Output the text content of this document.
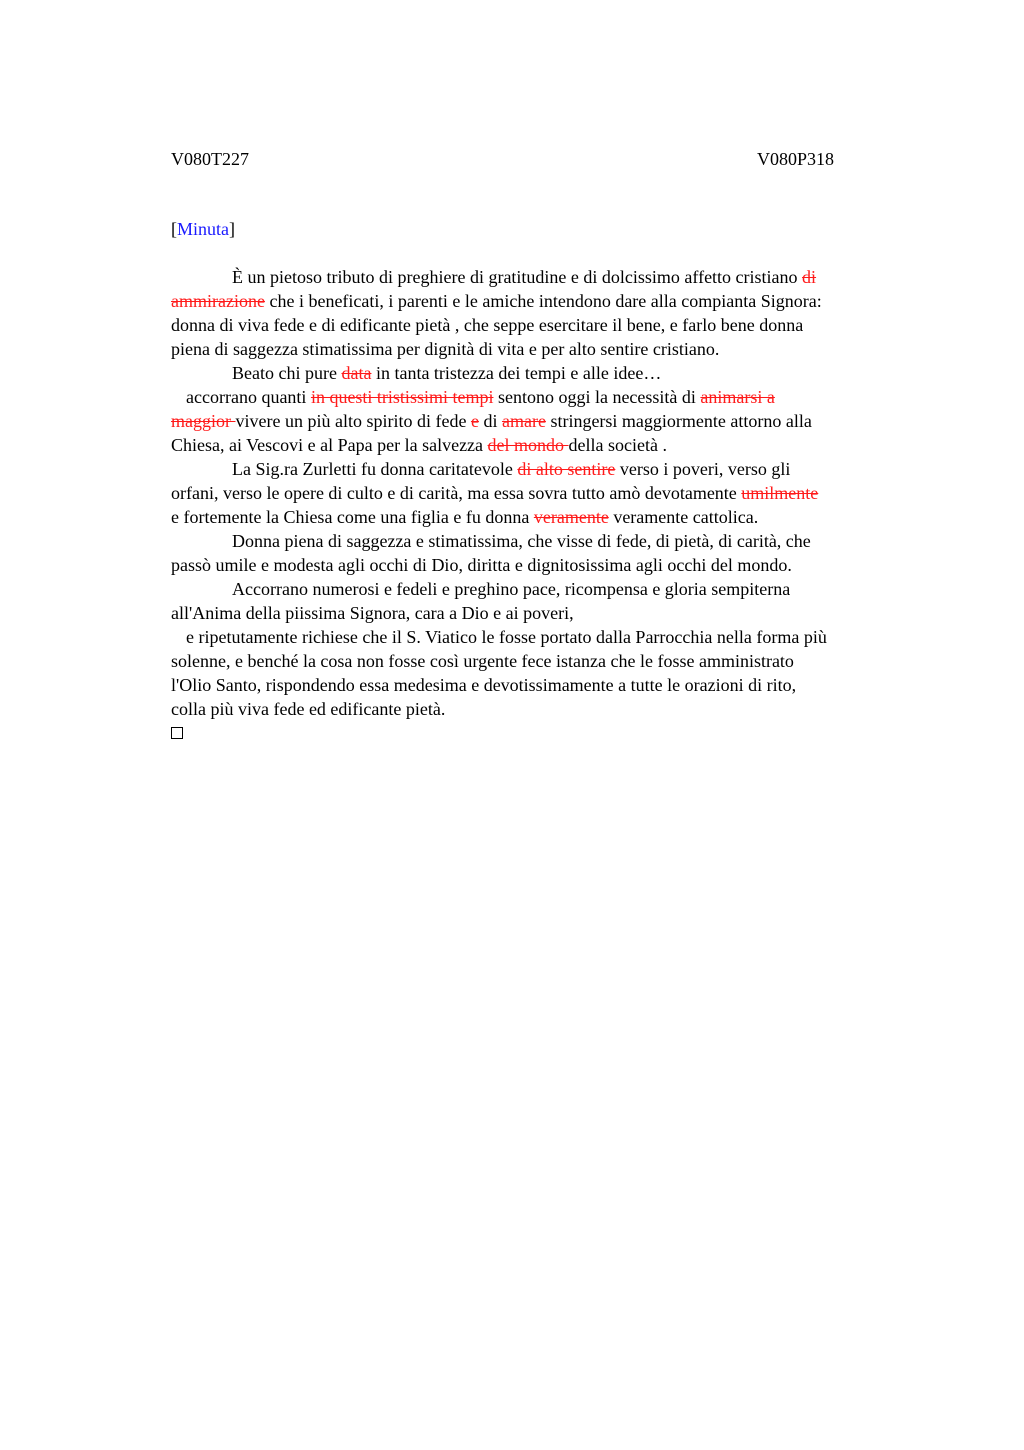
V080T227	V080P318
[Minuta]
È un pietoso tributo di preghiere di gratitudine e di dolcissimo affetto cristiano di
ammirazione che i beneficati, i parenti e le amiche intendono dare alla compianta Signora:
donna di viva fede e di edificante pietà , che seppe esercitare il bene, e farlo bene donna
piena di saggezza stimatissima per dignità di vita e per alto sentire cristiano.
Beato chi pure data in tanta tristezza dei tempi e alle idee…
accorrano quanti in questi tristissimi tempi sentono oggi la necessità di animarsi a
maggior vivere un più alto spirito di fede e di amare stringersi maggiormente attorno alla
Chiesa, ai Vescovi e al Papa per la salvezza del mondo della società .
La Sig.ra Zurletti fu donna caritatevole di alto sentire verso i poveri, verso gli
orfani, verso le opere di culto e di carità, ma essa sovra tutto amò devotamente umilmente
e fortemente la Chiesa come una figlia e fu donna veramente veramente cattolica.
Donna piena di saggezza e stimatissima, che visse di fede, di pietà, di carità, che
passò umile e modesta agli occhi di Dio, diritta e dignitosissima agli occhi del mondo.
Accorrano numerosi e fedeli e preghino pace, ricompensa e gloria sempiterna
all'Anima della piissima Signora, cara a Dio e ai poveri,
e ripetutamente richiese che il S. Viatico le fosse portato dalla Parrocchia nella forma più
solenne, e benché la cosa non fosse così urgente fece istanza che le fosse amministrato
l'Olio Santo, rispondendo essa medesima e devotissimamente a tutte le orazioni di rito,
colla più viva fede ed edificante pietà.
